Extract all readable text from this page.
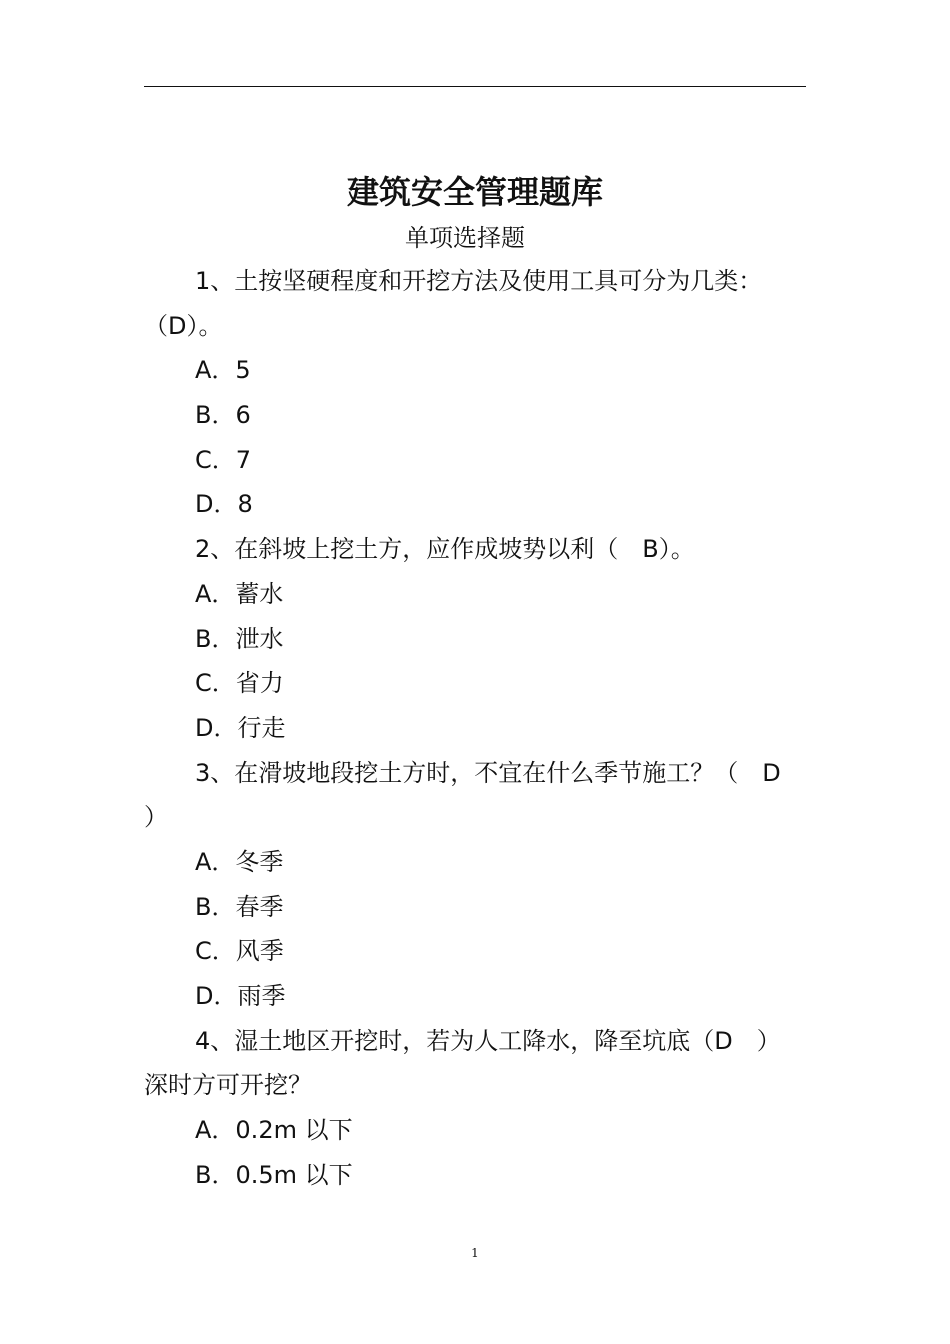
建筑安全管理题库
单项选择题
1、土按坚硬程度和开挖方法及使用工具可分为几类：
（D）。
A．5
B．6
C．7
D．8
2、在斜坡上挖土方，应作成坡势以利（　B）。
A．蓄水
B．泄水
C．省力
D．行走
3、在滑坡地段挖土方时，不宜在什么季节施工？（　D
）
A．冬季
B．春季
C．风季
D．雨季
4、湿土地区开挖时，若为人工降水，降至坑底（D　）
深时方可开挖？
A．0.2m 以下
B．0.5m 以下
1
